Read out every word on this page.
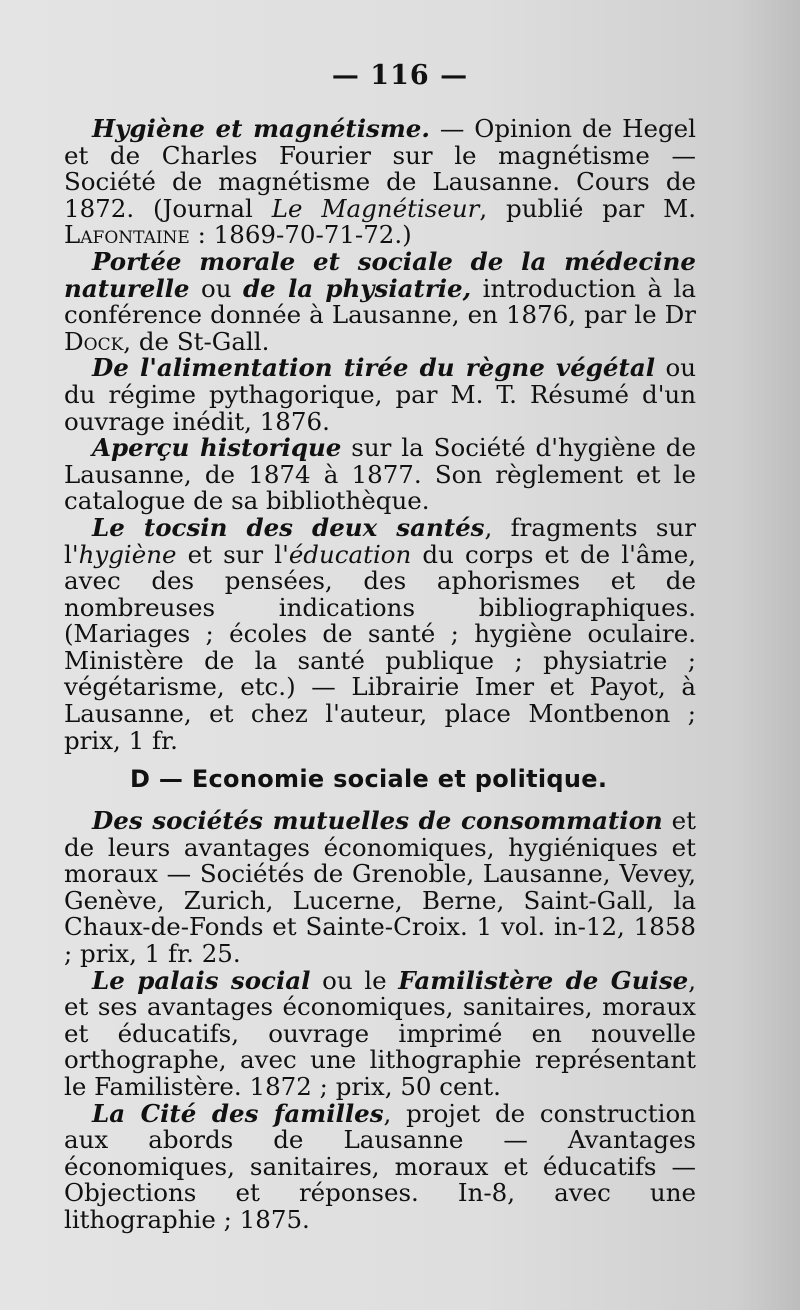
— 116 —

Hygiène et magnétisme. — Opinion de Hegel et de Charles Fourier sur le magnétisme — Société de magnétisme de Lausanne. Cours de 1872. (Journal Le Magnétiseur, publié par M. Lafontaine : 1869-70-71-72.)

Portée morale et sociale de la médecine naturelle ou de la physiatrie, introduction à la conférence donnée à Lausanne, en 1876, par le Dr Dock, de St-Gall.

De l'alimentation tirée du règne végétal ou du régime pythagorique, par M. T. Résumé d'un ouvrage inédit, 1876.

Aperçu historique sur la Société d'hygiène de Lausanne, de 1874 à 1877. Son règlement et le catalogue de sa bibliothèque.

Le tocsin des deux santés, fragments sur l'hygiène et sur l'éducation du corps et de l'âme, avec des pensées, des aphorismes et de nombreuses indications bibliographiques. (Mariages ; écoles de santé ; hygiène oculaire. Ministère de la santé publique ; physiatrie ; végétarisme, etc.) — Librairie Imer et Payot, à Lausanne, et chez l'auteur, place Montbenon ; prix, 1 fr.

D — Economie sociale et politique.

Des sociétés mutuelles de consommation et de leurs avantages économiques, hygiéniques et moraux — Sociétés de Grenoble, Lausanne, Vevey, Genève, Zurich, Lucerne, Berne, Saint-Gall, la Chaux-de-Fonds et Sainte-Croix. 1 vol. in-12, 1858 ; prix, 1 fr. 25.

Le palais social ou le Familistère de Guise, et ses avantages économiques, sanitaires, moraux et éducatifs, ouvrage imprimé en nouvelle orthographe, avec une lithographie représentant le Familistère. 1872 ; prix, 50 cent.

La Cité des familles, projet de construction aux abords de Lausanne — Avantages économiques, sanitaires, moraux et éducatifs — Objections et réponses. In-8, avec une lithographie ; 1875.
